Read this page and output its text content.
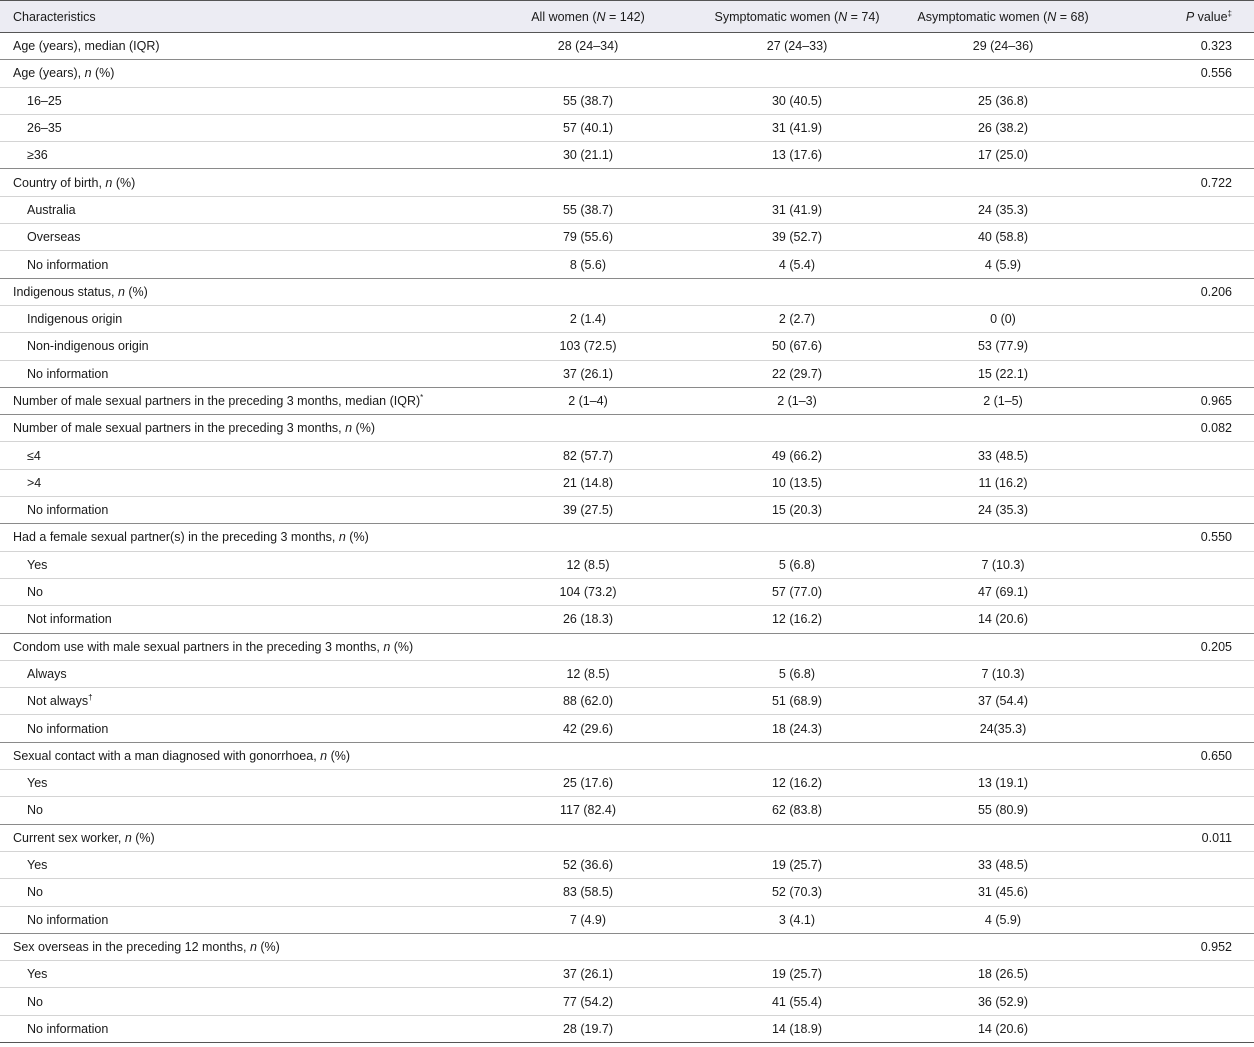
Characteristics	All women (N = 142)	Symptomatic women (N = 74)	Asymptomatic women (N = 68)	P value‡
Age (years), median (IQR)	28 (24–34)	27 (24–33)	29 (24–36)	0.323
Age (years), n (%)				0.556
16–25	55 (38.7)	30 (40.5)	25 (36.8)	
26–35	57 (40.1)	31 (41.9)	26 (38.2)	
≥36	30 (21.1)	13 (17.6)	17 (25.0)	
Country of birth, n (%)				0.722
Australia	55 (38.7)	31 (41.9)	24 (35.3)	
Overseas	79 (55.6)	39 (52.7)	40 (58.8)	
No information	8 (5.6)	4 (5.4)	4 (5.9)	
Indigenous status, n (%)				0.206
Indigenous origin	2 (1.4)	2 (2.7)	0 (0)	
Non-indigenous origin	103 (72.5)	50 (67.6)	53 (77.9)	
No information	37 (26.1)	22 (29.7)	15 (22.1)	
Number of male sexual partners in the preceding 3 months, median (IQR)*	2 (1–4)	2 (1–3)	2 (1–5)	0.965
Number of male sexual partners in the preceding 3 months, n (%)				0.082
≤4	82 (57.7)	49 (66.2)	33 (48.5)	
>4	21 (14.8)	10 (13.5)	11 (16.2)	
No information	39 (27.5)	15 (20.3)	24 (35.3)	
Had a female sexual partner(s) in the preceding 3 months, n (%)				0.550
Yes	12 (8.5)	5 (6.8)	7 (10.3)	
No	104 (73.2)	57 (77.0)	47 (69.1)	
Not information	26 (18.3)	12 (16.2)	14 (20.6)	
Condom use with male sexual partners in the preceding 3 months, n (%)				0.205
Always	12 (8.5)	5 (6.8)	7 (10.3)	
Not always†	88 (62.0)	51 (68.9)	37 (54.4)	
No information	42 (29.6)	18 (24.3)	24(35.3)	
Sexual contact with a man diagnosed with gonorrhoea, n (%)				0.650
Yes	25 (17.6)	12 (16.2)	13 (19.1)	
No	117 (82.4)	62 (83.8)	55 (80.9)	
Current sex worker, n (%)				0.011
Yes	52 (36.6)	19 (25.7)	33 (48.5)	
No	83 (58.5)	52 (70.3)	31 (45.6)	
No information	7 (4.9)	3 (4.1)	4 (5.9)	
Sex overseas in the preceding 12 months, n (%)				0.952
Yes	37 (26.1)	19 (25.7)	18 (26.5)	
No	77 (54.2)	41 (55.4)	36 (52.9)	
No information	28 (19.7)	14 (18.9)	14 (20.6)	
